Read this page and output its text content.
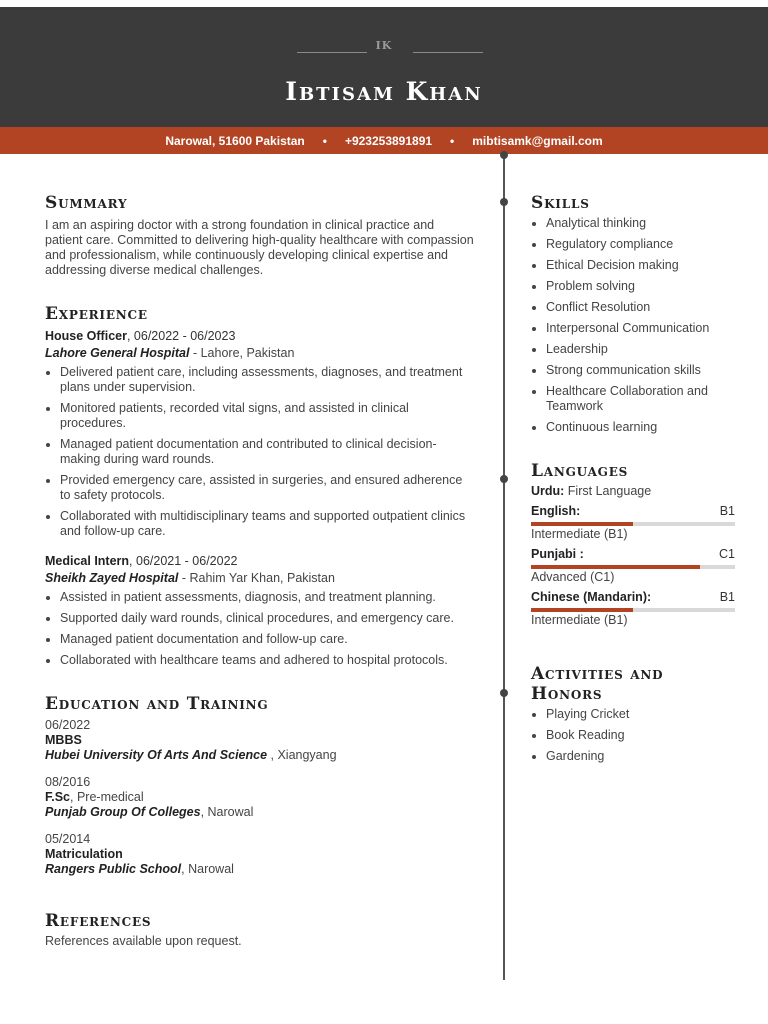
IK
Ibtisam Khan
Narowal, 51600 Pakistan • +923253891891 • mibtisamk@gmail.com
Summary
I am an aspiring doctor with a strong foundation in clinical practice and patient care. Committed to delivering high-quality healthcare with compassion and professionalism, while continuously developing clinical expertise and addressing diverse medical challenges.
Experience
House Officer, 06/2022 - 06/2023
Lahore General Hospital - Lahore, Pakistan
• Delivered patient care, including assessments, diagnoses, and treatment plans under supervision.
• Monitored patients, recorded vital signs, and assisted in clinical procedures.
• Managed patient documentation and contributed to clinical decision-making during ward rounds.
• Provided emergency care, assisted in surgeries, and ensured adherence to safety protocols.
• Collaborated with multidisciplinary teams and supported outpatient clinics and follow-up care.
Medical Intern, 06/2021 - 06/2022
Sheikh Zayed Hospital - Rahim Yar Khan, Pakistan
• Assisted in patient assessments, diagnosis, and treatment planning.
• Supported daily ward rounds, clinical procedures, and emergency care.
• Managed patient documentation and follow-up care.
• Collaborated with healthcare teams and adhered to hospital protocols.
Education and Training
06/2022
MBBS
Hubei University Of Arts And Science , Xiangyang
08/2016
F.Sc, Pre-medical
Punjab Group Of Colleges, Narowal
05/2014
Matriculation
Rangers Public School, Narowal
References
References available upon request.
Skills
• Analytical thinking
• Regulatory compliance
• Ethical Decision making
• Problem solving
• Conflict Resolution
• Interpersonal Communication
• Leadership
• Strong communication skills
• Healthcare Collaboration and Teamwork
• Continuous learning
Languages
Urdu: First Language
English:	B1
Intermediate (B1)
Punjabi :	C1
Advanced (C1)
Chinese (Mandarin):	B1
Intermediate (B1)
Activities and
Honors
• Playing Cricket
• Book Reading
• Gardening
